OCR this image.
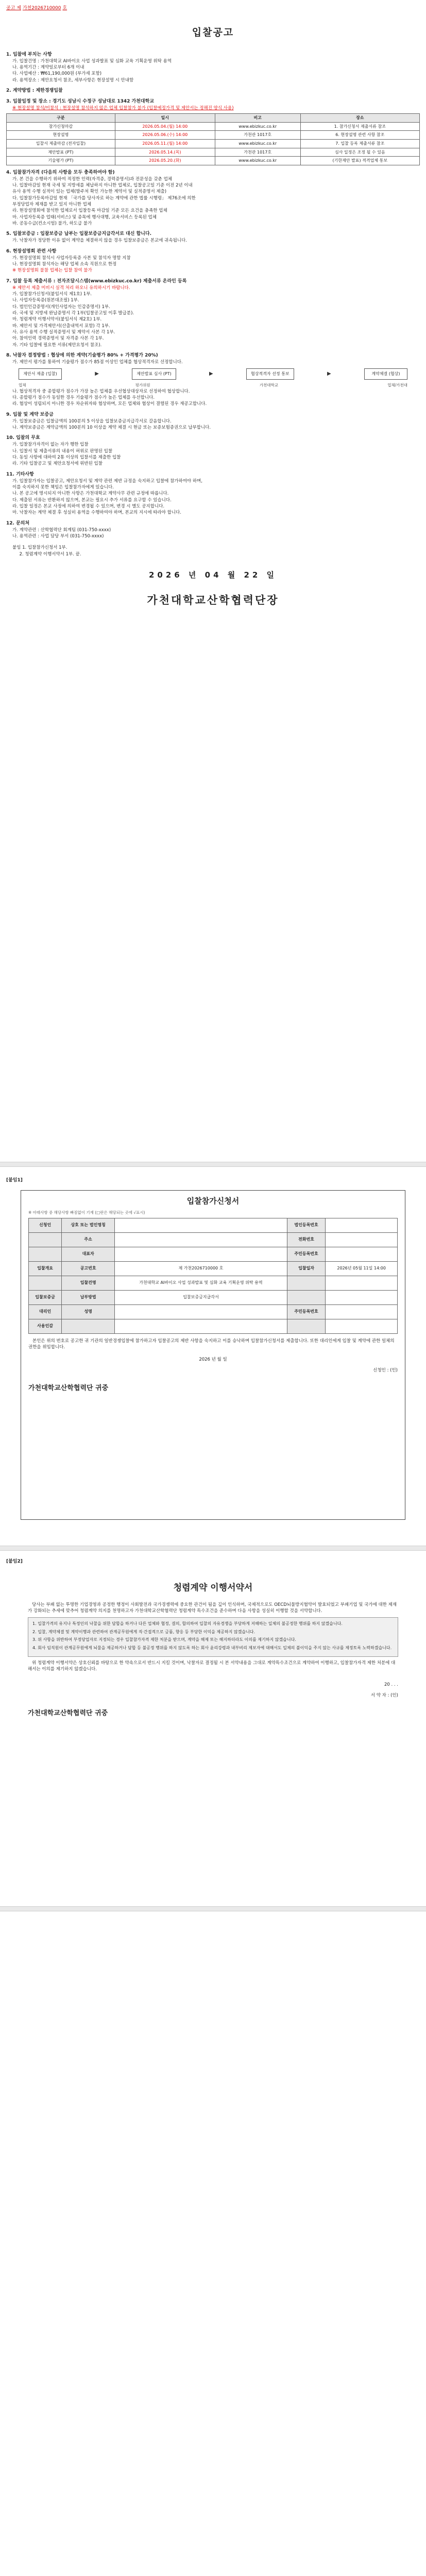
공고 제 가천2026710000 호
입찰공고
1. 입찰에 부치는 사항
가. 입찰건명 : 가천대학교 AI바이오 사업 성과발표 및 심화 교육 기획운영 위탁 용역
나. 용역기간 : 계약일로부터 6개 이내
다. 사업예산 : ₩61,190,000원 (부가세 포함)
라. 용역장소 : 제안요청서 참조, 세부사항은 현장설명 시 안내함
2. 계약방법 : 제한경쟁입찰
3. 입찰일정 및 장소 : 경기도 성남시 수정구 성남대로 1342 가천대학교
※ 현장설명 참석/미참석 : 현장설명 참석하지 않은 업체 입찰참가 불가 (입찰예정가격 및 제안서는 정해진 양식 사용)
구분	일시	비고	장소
참가신청마감	2026.05.04.(월) 14:00	www.ebizkuc.co.kr	1. 참가신청서 제출서류 참조
현장설명	2026.05.06.(수) 14:00	가천관 1017호	6. 현장설명 관련 사항 참조
입찰서 제출마감 (전자입찰)	2026.05.11.(월) 14:00	www.ebizkuc.co.kr	7. 입찰 등록 제출서류 참조
제안발표 (PT)	2026.05.14.(목)	가천관 1017호	심사 일정은 조정 될 수 있음
기술평가 (PT)	2026.05.20.(화)	www.ebizkuc.co.kr	(기한제안 발표) 적격업체 통보
4. 입찰참가자격 (다음의 사항을 모두 충족하여야 함)
가. 본 건을 수행하기 위하여 적정한 인력(자격증, 경력증명서)과 전문성을 갖춘 업체
나. 입찰마감일 현재 국세 및 지방세를 체납하지 아니한 업체로, 입찰공고일 기준 이전 2년 이내
유사 용역 수행 실적이 있는 업체(발주처 확인 가능한 계약서 및 실적증명서 제출)
다. 입찰참가등록마감일 현재 「국가를 당사자로 하는 계약에 관한 법률 시행령」 제76조에 의한
부정당업자 제재를 받고 있지 아니한 업체
라. 현장설명회에 참석한 업체로서 입찰등록 마감일 기준 모든 요건을 충족한 업체
마. 사업자등록증 업태(서비스) 및 종목에 행사대행, 교육서비스 등록된 업체
바. 공동수급(컨소시엄) 불가, 하도급 불가
5. 입찰보증금 : 입찰보증금 납부는 입찰보증금지급각서로 대신 합니다.
가. 낙찰자가 정당한 이유 없이 계약을 체결하지 않을 경우 입찰보증금은 본교에 귀속됩니다.
6. 현장설명회 관련 사항
가. 현장설명회 참석시 사업자등록증 사본 및 참석자 명함 지참
나. 현장설명회 참석자는 해당 업체 소속 직원으로 한정
※ 현장설명회 불참 업체는 입찰 참여 불가
7. 입찰 등록 제출서류 : 전자조달시스템(www.ebizkuc.co.kr) 제출서류 온라인 등록
※ 제안서 제출 미비시 실격 처리 하오니 유의하시기 바랍니다.
가. 입찰참가신청서(붙임서식 제1호) 1부.
나. 사업자등록증(원본대조필) 1부.
다. 법인인감증명서(개인사업자는 인감증명서) 1부.
라. 국세 및 지방세 완납증명서 각 1부(입찰공고일 이후 발급분).
마. 청렴계약 이행서약서(붙임서식 제2호) 1부.
바. 제안서 및 가격제안서(산출내역서 포함) 각 1부.
사. 유사 용역 수행 실적증명서 및 계약서 사본 각 1부.
아. 참여인력 경력증명서 및 자격증 사본 각 1부.
자. 기타 입찰에 필요한 서류(제안요청서 참조).
8. 낙찰자 결정방법 : 협상에 의한 계약(기술평가 80% + 가격평가 20%)
가. 제안서 평가를 통하여 기술평가 점수가 85점 이상인 업체를 협상적격자로 선정합니다.
제안서 제출 (입찰)	▶	제안발표 심사 (PT)	▶	협상적격자 선정 통보	▶	계약체결 (협상)
업체	평가위원	가천대학교	업체/가천대
나. 협상적격자 중 종합평가 점수가 가장 높은 업체를 우선협상대상자로 선정하여 협상합니다.
다. 종합평가 점수가 동일한 경우 기술평가 점수가 높은 업체를 우선합니다.
라. 협상이 성립되지 아니한 경우 차순위자와 협상하며, 모든 업체와 협상이 결렬된 경우 재공고합니다.
9. 입찰 및 계약 보증금
가. 입찰보증금은 입찰금액의 100분의 5 이상을 입찰보증금지급각서로 갈음합니다.
나. 계약보증금은 계약금액의 100분의 10 이상을 계약 체결 시 현금 또는 보증보험증권으로 납부합니다.
10. 입찰의 무효
가. 입찰참가자격이 없는 자가 행한 입찰
나. 입찰서 및 제출서류의 내용이 허위로 판명된 입찰
다. 동일 사항에 대하여 2통 이상의 입찰서를 제출한 입찰
라. 기타 입찰공고 및 제안요청서에 위반된 입찰
11. 기타사항
가. 입찰참가자는 입찰공고, 제안요청서 및 계약 관련 제반 규정을 숙지하고 입찰에 참가하여야 하며,
이를 숙지하지 못한 책임은 입찰참가자에게 있습니다.
나. 본 공고에 명시되지 아니한 사항은 가천대학교 계약사무 관련 규정에 따릅니다.
다. 제출된 서류는 반환하지 않으며, 본교는 필요시 추가 서류를 요구할 수 있습니다.
라. 입찰 일정은 본교 사정에 의하여 변경될 수 있으며, 변경 시 별도 공지합니다.
마. 낙찰자는 계약 체결 후 성실히 용역을 수행하여야 하며, 본교의 지시에 따라야 합니다.
12. 문의처
가. 계약관련 : 산학협력단 회계팀 (031-750-xxxx)
나. 용역관련 : 사업 담당 부서 (031-750-xxxx)
붙임 1. 입찰참가신청서 1부.
2. 청렴계약 이행서약서 1부. 끝.
2026 년 04 월 22 일
가천대학교산학협력단장
[붙임1]
입찰참가신청서
※ 아래사항 중 해당사항 빠짐없이 기재 (□란은 해당되는 곳에 √표시)
신청인	상호 또는 법인명칭		법인등록번호	
	주소		전화번호	
	대표자		주민등록번호	
입찰개요	공고번호	제 가천2026710000 호	입찰일자	2026년 05월 11일 14:00
	입찰건명	가천대학교 AI바이오 사업 성과발표 및 심화 교육 기획운영 위탁 용역		
입찰보증금	납부방법	입찰보증금지급각서		
대리인	성명		주민등록번호	
사용인감				
본인은 위의 번호로 공고한 귀 기관의 일반경쟁입찰에 참가하고자 입찰공고의 제반 사항을 숙지하고 이를 승낙하며 입찰참가신청서를 제출합니다. 또한 대리인에게 입찰 및 계약에 관한 일체의 권한을 위임합니다.
2026 년 월 일
신청인 : (인)
가천대학교산학협력단 귀중
[붙임2]
청렴계약 이행서약서
당사는 부패 없는 투명한 기업경영과 공정한 행정이 사회발전과 국가경쟁력에 중요한 관건이 됨을 깊이 인식하며, 국제적으로도 OECD뇌물방지협약이 발효되었고 부패기업 및 국가에 대한 제재가 강화되는 추세에 맞추어 청렴계약 의지를 천명하고자 가천대학교산학협력단 청렴계약 특수조건을 준수하며 다음 사항을 성실히 이행할 것을 서약합니다.
1. 입찰가격의 유지나 특정인의 낙찰을 위한 담합을 하거나 다른 업체와 협정, 결의, 합의하여 입찰의 자유경쟁을 부당하게 저해하는 일체의 불공정한 행위를 하지 않겠습니다.
2. 입찰, 계약체결 및 계약이행과 관련하여 관계공무원에게 직·간접적으로 금품, 향응 등 부당한 이익을 제공하지 않겠습니다.
3. 위 사항을 위반하여 부정당업자로 지정되는 경우 입찰참가자격 제한 처분을 받으며, 계약을 해제 또는 해지하더라도 이의를 제기하지 않겠습니다.
4. 회사 임직원이 관계공무원에게 뇌물을 제공하거나 담합 등 불공정 행위를 하지 않도록 하는 회사 윤리강령과 내부비리 제보자에 대해서도 일체의 불이익을 주지 않는 사규를 제정토록 노력하겠습니다.
위 청렴계약 이행서약은 상호신뢰를 바탕으로 한 약속으로서 반드시 지킬 것이며, 낙찰자로 결정될 시 본 서약내용을 그대로 계약특수조건으로 계약하여 이행하고, 입찰참가자격 제한 처분에 대해서는 이의를 제기하지 않겠습니다.
20 . . .
서 약 자 : (인)
가천대학교산학협력단 귀중
